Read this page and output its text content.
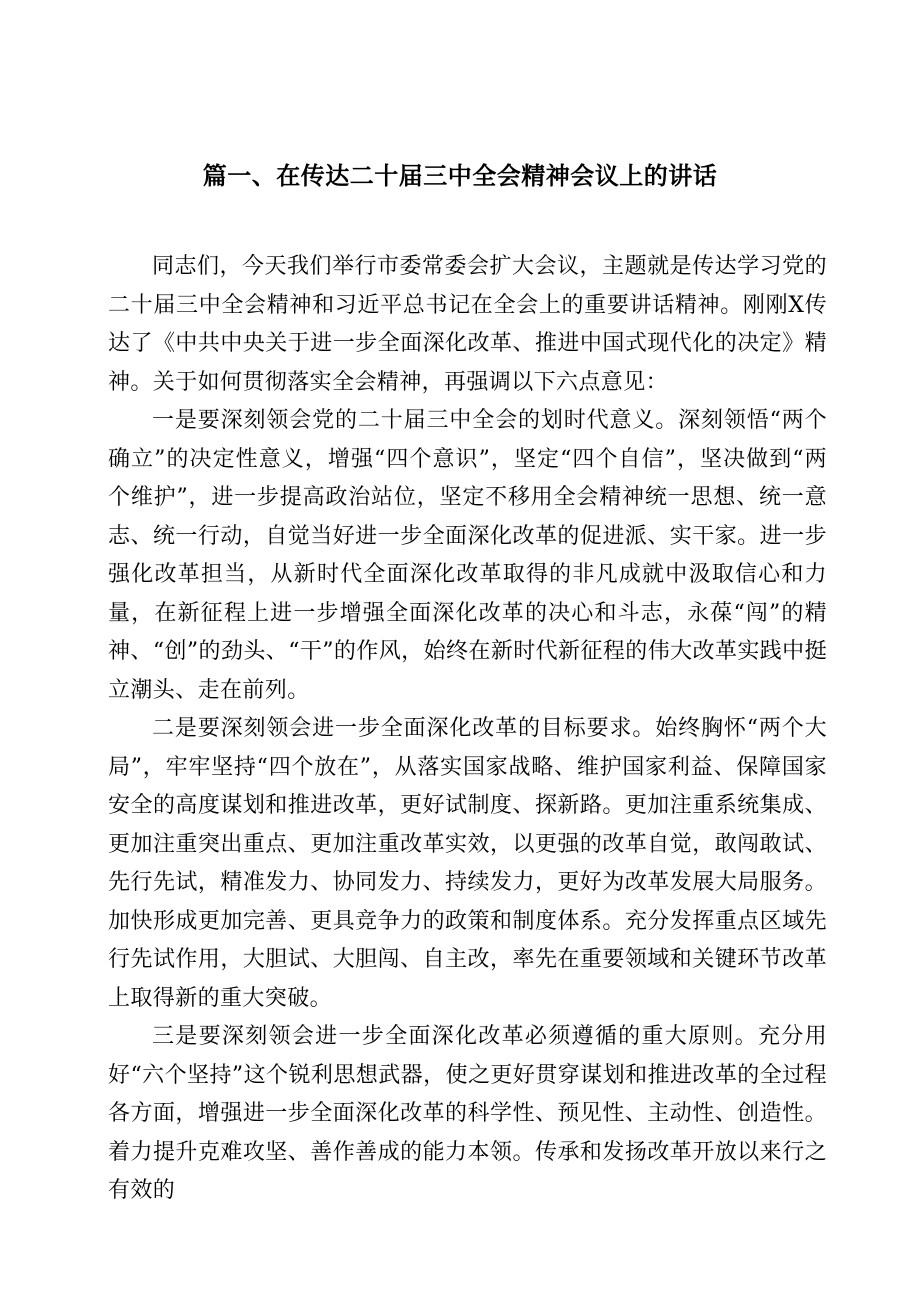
篇一、在传达二十届三中全会精神会议上的讲话

同志们，今天我们举行市委常委会扩大会议，主题就是传达学习党的二十届三中全会精神和习近平总书记在全会上的重要讲话精神。刚刚X传达了《中共中央关于进一步全面深化改革、推进中国式现代化的决定》精神。关于如何贯彻落实全会精神，再强调以下六点意见：

一是要深刻领会党的二十届三中全会的划时代意义。深刻领悟“两个确立”的决定性意义，增强“四个意识”，坚定“四个自信”，坚决做到“两个维护”，进一步提高政治站位，坚定不移用全会精神统一思想、统一意志、统一行动，自觉当好进一步全面深化改革的促进派、实干家。进一步强化改革担当，从新时代全面深化改革取得的非凡成就中汲取信心和力量，在新征程上进一步增强全面深化改革的决心和斗志，永葆“闯”的精神、“创”的劲头、“干”的作风，始终在新时代新征程的伟大改革实践中挺立潮头、走在前列。

二是要深刻领会进一步全面深化改革的目标要求。始终胸怀“两个大局”，牢牢坚持“四个放在”，从落实国家战略、维护国家利益、保障国家安全的高度谋划和推进改革，更好试制度、探新路。更加注重系统集成、更加注重突出重点、更加注重改革实效，以更强的改革自觉，敢闯敢试、先行先试，精准发力、协同发力、持续发力，更好为改革发展大局服务。加快形成更加完善、更具竞争力的政策和制度体系。充分发挥重点区域先行先试作用，大胆试、大胆闯、自主改，率先在重要领域和关键环节改革上取得新的重大突破。

三是要深刻领会进一步全面深化改革必须遵循的重大原则。充分用好“六个坚持”这个锐利思想武器，使之更好贯穿谋划和推进改革的全过程各方面，增强进一步全面深化改革的科学性、预见性、主动性、创造性。着力提升克难攻坚、善作善成的能力本领。传承和发扬改革开放以来行之有效的
